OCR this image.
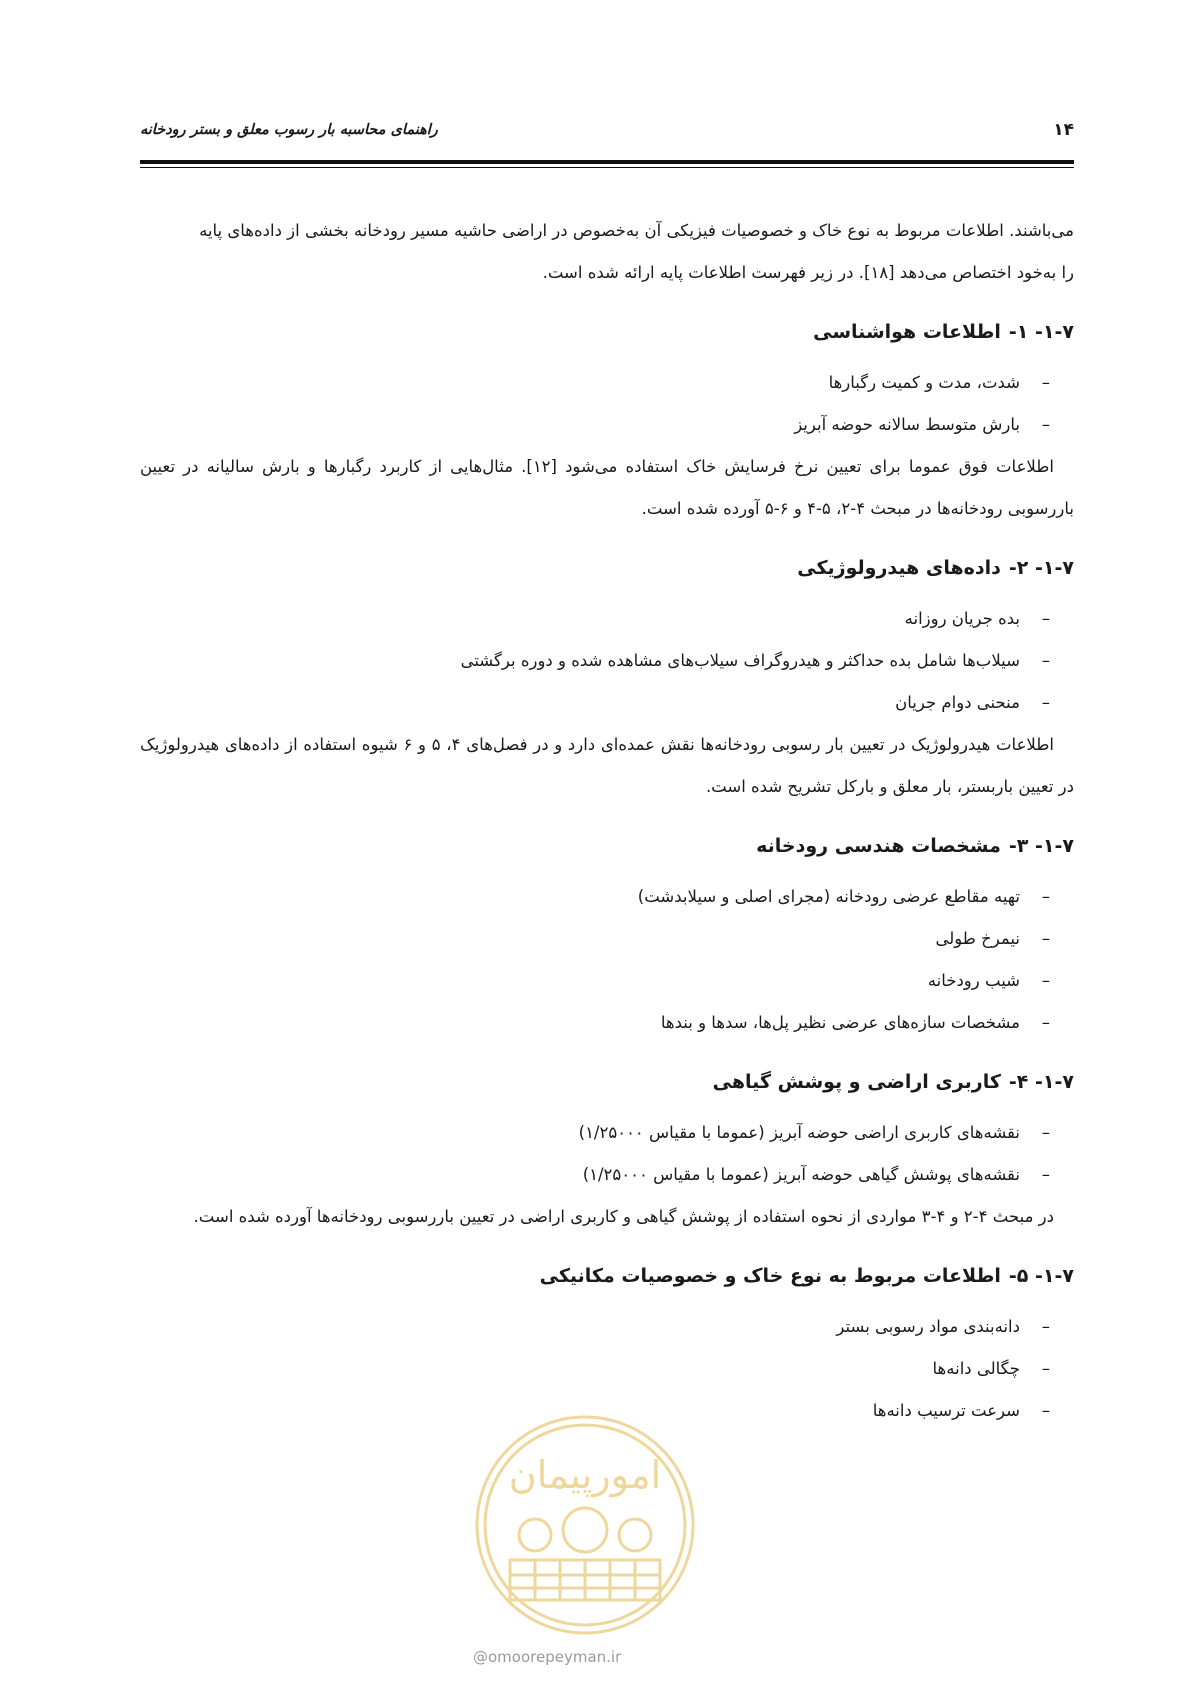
راهنمای محاسبه بار رسوب معلق و بستر رودخانه	۱۴

می‌باشند. اطلاعات مربوط به نوع خاک و خصوصیات فیزیکی آن به‌خصوص در اراضی حاشیه مسیر رودخانه بخشی از داده‌های پایه
را به‌خود اختصاص می‌دهد [۱۸]. در زیر فهرست اطلاعات پایه ارائه شده است.

۱-۷- ۱-اطلاعات هواشناسی
–
شدت، مدت و کمیت رگبارها
–
بارش متوسط سالانه حوضه آبریز

اطلاعات فوق عموما برای تعیین نرخ فرسایش خاک استفاده می‌شود [۱۲]. مثال‌هایی از کاربرد رگبارها و بارش سالیانه در تعیین باررسوبی رودخانه‌ها در مبحث ۴-۲، ۵-۴ و ۶-۵ آورده شده است.

۱-۷- ۲-داده‌های هیدرولوژیکی
–
بده جریان روزانه
–
سیلاب‌ها شامل بده حداکثر و هیدروگراف سیلاب‌های مشاهده شده و دوره برگشتی
–
منحنی دوام جریان

اطلاعات هیدرولوژیک در تعیین بار رسوبی رودخانه‌ها نقش عمده‌ای دارد و در فصل‌های ۴، ۵ و ۶ شیوه استفاده از داده‌های هیدرولوژیک در تعیین باربستر، بار معلق و بارکل تشریح شده است.

۱-۷- ۳-مشخصات هندسی رودخانه
–
تهیه مقاطع عرضی رودخانه (مجرای اصلی و سیلابدشت)
–
نیمرخ طولی
–
شیب رودخانه
–
مشخصات سازه‌های عرضی نظیر پل‌ها، سدها و بندها
۱-۷- ۴-کاربری اراضی و پوشش گیاهی
–
نقشه‌های کاربری اراضی حوضه آبریز (عموما با مقیاس ۱/۲۵۰۰۰)
–
نقشه‌های پوشش گیاهی حوضه آبریز (عموما با مقیاس ۱/۲۵۰۰۰)

در مبحث ۴-۲ و ۴-۳ مواردی از نحوه استفاده از پوشش گیاهی و کاربری اراضی در تعیین باررسوبی رودخانه‌ها آورده شده است.

۱-۷- ۵-اطلاعات مربوط به نوع خاک و خصوصیات مکانیکی
–
دانه‌بندی مواد رسوبی بستر
–
چگالی دانه‌ها
–
سرعت ترسیب دانه‌ها
امورپیمان
@omoorepeyman.ir
